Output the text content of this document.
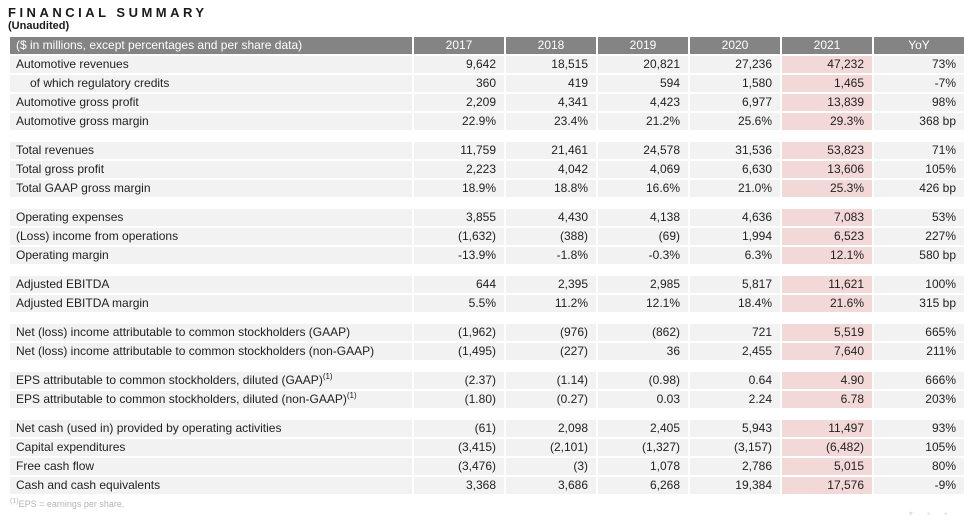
FINANCIAL SUMMARY
(Unaudited)
($ in millions, except percentages and per share data)	2017	2018	2019	2020	2021	YoY
Automotive revenues	9,642	18,515	20,821	27,236	47,232	73%
of which regulatory credits	360	419	594	1,580	1,465	-7%
Automotive gross profit	2,209	4,341	4,423	6,977	13,839	98%
Automotive gross margin	22.9%	23.4%	21.2%	25.6%	29.3%	368 bp

Total revenues	11,759	21,461	24,578	31,536	53,823	71%
Total gross profit	2,223	4,042	4,069	6,630	13,606	105%
Total GAAP gross margin	18.9%	18.8%	16.6%	21.0%	25.3%	426 bp

Operating expenses	3,855	4,430	4,138	4,636	7,083	53%
(Loss) income from operations	(1,632)	(388)	(69)	1,994	6,523	227%
Operating margin	-13.9%	-1.8%	-0.3%	6.3%	12.1%	580 bp

Adjusted EBITDA	644	2,395	2,985	5,817	11,621	100%
Adjusted EBITDA margin	5.5%	11.2%	12.1%	18.4%	21.6%	315 bp

Net (loss) income attributable to common stockholders (GAAP)	(1,962)	(976)	(862)	721	5,519	665%
Net (loss) income attributable to common stockholders (non-GAAP)	(1,495)	(227)	36	2,455	7,640	211%

EPS attributable to common stockholders, diluted (GAAP)$^{(1)}$	(2.37)	(1.14)	(0.98)	0.64	4.90	666%
EPS attributable to common stockholders, diluted (non-GAAP)$^{(1)}$	(1.80)	(0.27)	0.03	2.24	6.78	203%

Net cash (used in) provided by operating activities	(61)	2,098	2,405	5,943	11,497	93%
Capital expenditures	(3,415)	(2,101)	(1,327)	(3,157)	(6,482)	105%
Free cash flow	(3,476)	(3)	1,078	2,786	5,015	80%
Cash and cash equivalents	3,368	3,686	6,268	19,384	17,576	-9%
$^{(1)}$EPS = earnings per share.
▾ ▪ ▪
